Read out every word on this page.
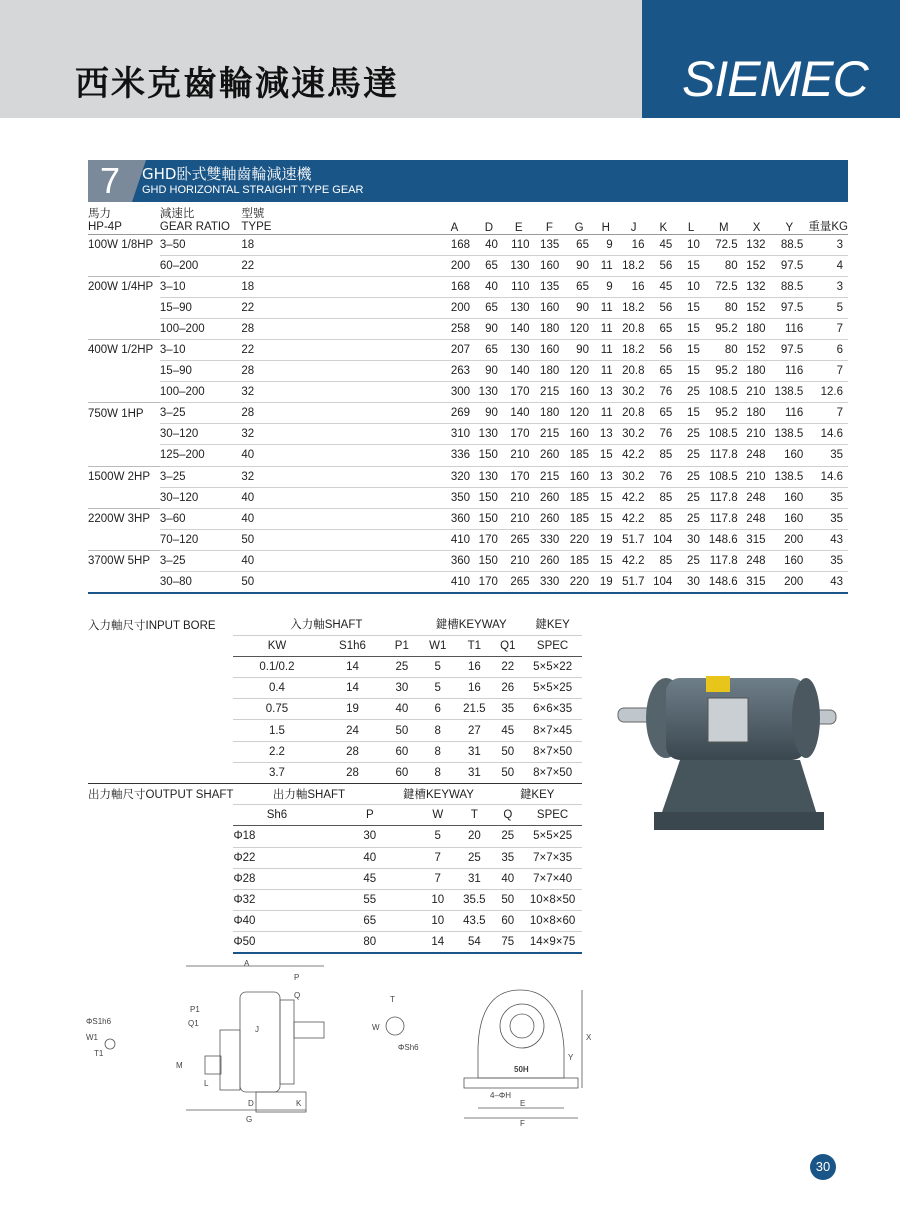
西米克齒輪減速馬達	SIEMEC
7	GHD卧式雙軸齒輪減速機
GHD HORIZONTAL STRAIGHT TYPE GEAR
馬力
HP-4P	減速比
GEAR RATIO	型號
TYPE	A	D	E	F	G	H	J	K	L	M	X	Y	重量KG
100W 1/8HP	3–50	18	168	40	110	135	65	9	16	45	10	72.5	132	88.5	3
	60–200	22	200	65	130	160	90	11	18.2	56	15	80	152	97.5	4
200W 1/4HP	3–10	18	168	40	110	135	65	9	16	45	10	72.5	132	88.5	3
	15–90	22	200	65	130	160	90	11	18.2	56	15	80	152	97.5	5
	100–200	28	258	90	140	180	120	11	20.8	65	15	95.2	180	116	7
400W 1/2HP	3–10	22	207	65	130	160	90	11	18.2	56	15	80	152	97.5	6
	15–90	28	263	90	140	180	120	11	20.8	65	15	95.2	180	116	7
	100–200	32	300	130	170	215	160	13	30.2	76	25	108.5	210	138.5	12.6
750W 1HP	3–25	28	269	90	140	180	120	11	20.8	65	15	95.2	180	116	7
	30–120	32	310	130	170	215	160	13	30.2	76	25	108.5	210	138.5	14.6
	125–200	40	336	150	210	260	185	15	42.2	85	25	117.8	248	160	35
1500W 2HP	3–25	32	320	130	170	215	160	13	30.2	76	25	108.5	210	138.5	14.6
	30–120	40	350	150	210	260	185	15	42.2	85	25	117.8	248	160	35
2200W 3HP	3–60	40	360	150	210	260	185	15	42.2	85	25	117.8	248	160	35
	70–120	50	410	170	265	330	220	19	51.7	104	30	148.6	315	200	43
3700W 5HP	3–25	40	360	150	210	260	185	15	42.2	85	25	117.8	248	160	35
	30–80	50	410	170	265	330	220	19	51.7	104	30	148.6	315	200	43
入力軸尺寸INPUT BORE	入力軸SHAFT			鍵槽KEYWAY			鍵KEY
	KW	S1h6	P1	W1	T1	Q1	SPEC
	0.1/0.2	14	25	5	16	22	5×5×22
	0.4	14	30	5	16	26	5×5×25
	0.75	19	40	6	21.5	35	6×6×35
	1.5	24	50	8	27	45	8×7×45
	2.2	28	60	8	31	50	8×7×50
	3.7	28	60	8	31	50	8×7×50
出力軸尺寸OUTPUT SHAFT	出力軸SHAFT		鍵槽KEYWAY			鍵KEY	
	Sh6	P		W	T	Q	SPEC
	Φ18	30		5	20	25	5×5×25
	Φ22	40		7	25	35	7×7×35
	Φ28	45		7	31	40	7×7×40
	Φ32	55		10	35.5	50	10×8×50
	Φ40	65		10	43.5	60	10×8×60
	Φ50	80		14	54	75	14×9×75
A
P
Q
P1
Q1
W1
T1
ΦS1h6
M
D	K
G
J
L
T
W
ΦSh6
Y
X
4–ΦH
E
F
50H
30
